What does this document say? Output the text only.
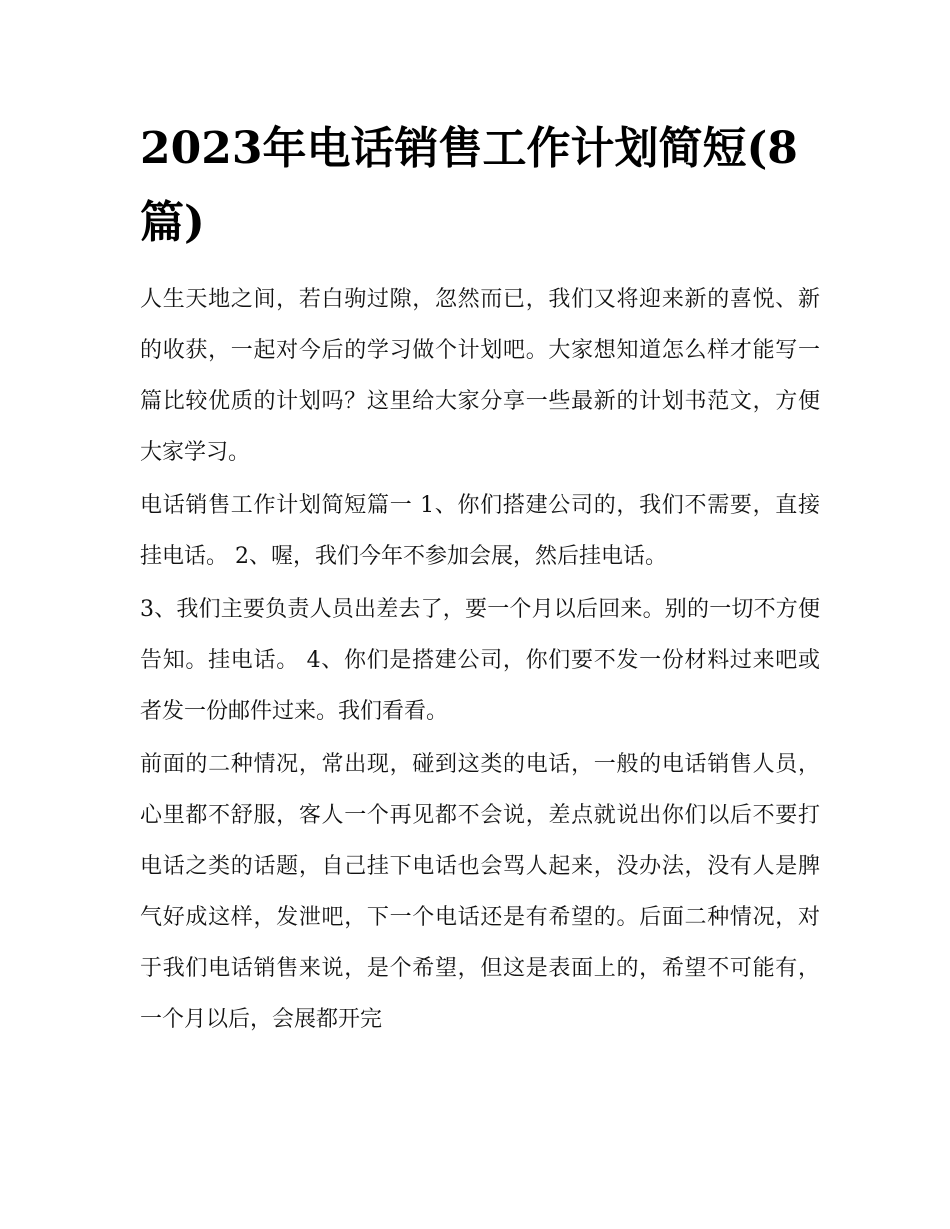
2023年电话销售工作计划简短(8篇)

人生天地之间，若白驹过隙，忽然而已，我们又将迎来新的喜悦、新的收获，一起对今后的学习做个计划吧。大家想知道怎么样才能写一篇比较优质的计划吗？这里给大家分享一些最新的计划书范文，方便大家学习。

电话销售工作计划简短篇一 1、你们搭建公司的，我们不需要，直接挂电话。 2、喔，我们今年不参加会展，然后挂电话。

3、我们主要负责人员出差去了，要一个月以后回来。别的一切不方便告知。挂电话。 4、你们是搭建公司，你们要不发一份材料过来吧或者发一份邮件过来。我们看看。

前面的二种情况，常出现，碰到这类的电话，一般的电话销售人员，心里都不舒服，客人一个再见都不会说，差点就说出你们以后不要打电话之类的话题，自己挂下电话也会骂人起来，没办法，没有人是脾气好成这样，发泄吧，下一个电话还是有希望的。后面二种情况，对于我们电话销售来说，是个希望，但这是表面上的，希望不可能有，一个月以后，会展都开完
